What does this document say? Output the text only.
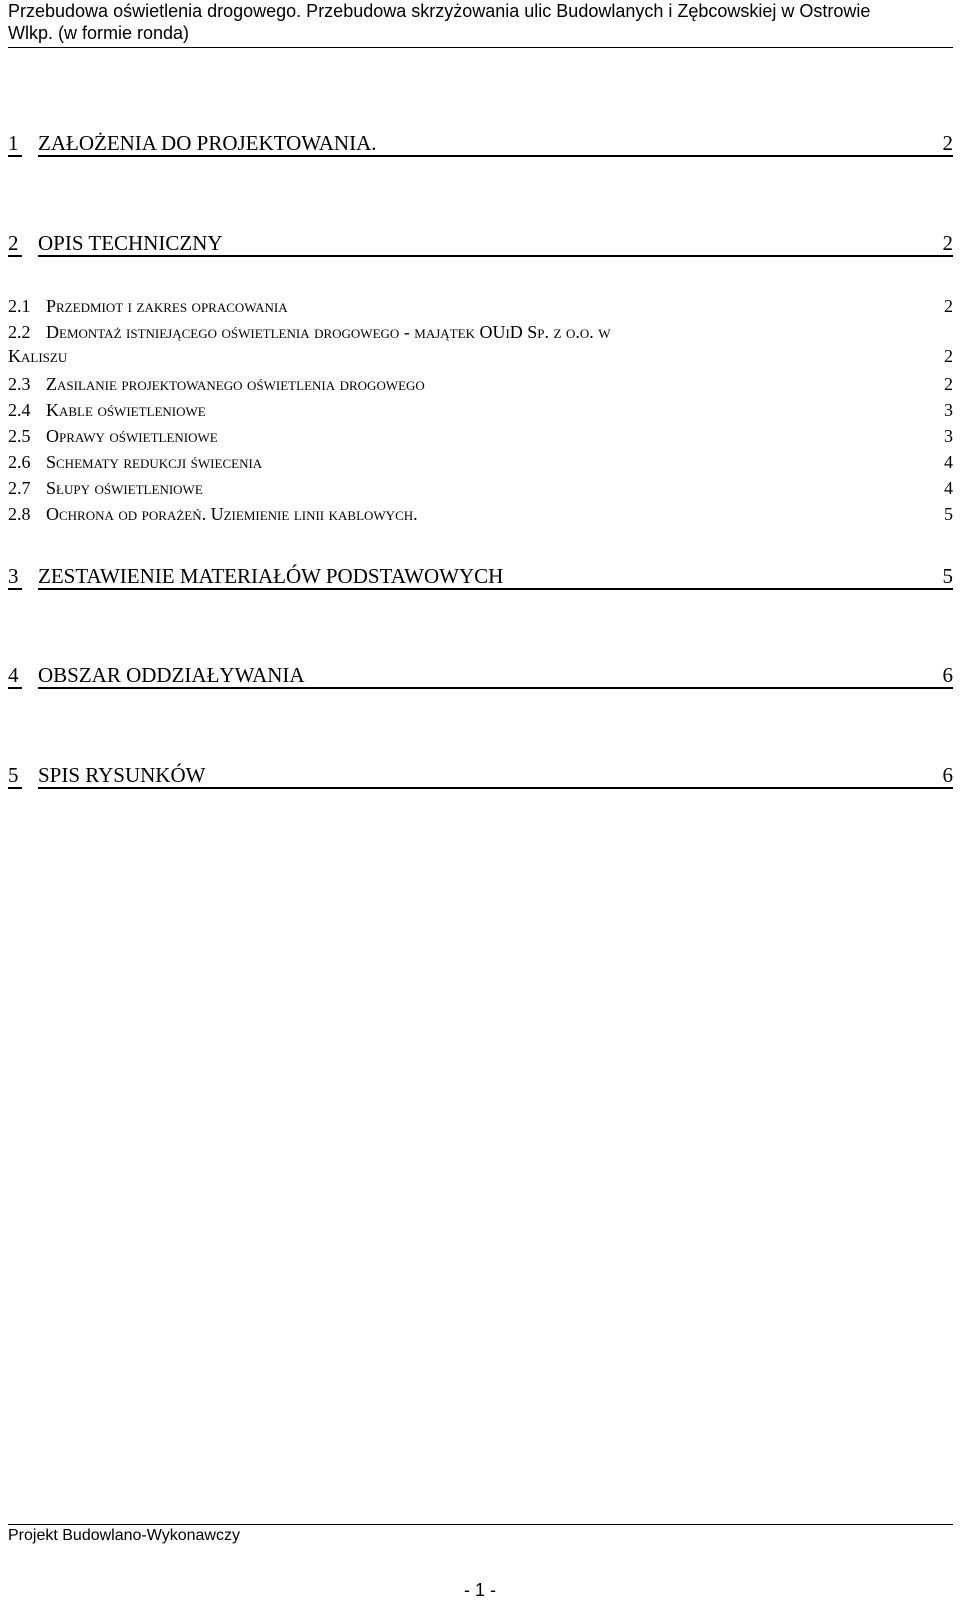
Przebudowa oświetlenia drogowego. Przebudowa skrzyżowania ulic Budowlanych i Zębcowskiej w Ostrowie
Wlkp. (w formie ronda)
1 ZAŁOŻENIA DO PROJEKTOWANIA.	2
2 OPIS TECHNICZNY	2
2.1 Przedmiot i zakres opracowania	2
2.2 Demontaż istniejącego oświetlenia drogowego - majątek OUiD Sp. z o.o. w
Kaliszu	2
2.3 Zasilanie projektowanego oświetlenia drogowego	2
2.4 Kable oświetleniowe	3
2.5 Oprawy oświetleniowe	3
2.6 Schematy redukcji świecenia	4
2.7 Słupy oświetleniowe	4
2.8 Ochrona od porażeń. Uziemienie linii kablowych.	5
3 ZESTAWIENIE MATERIAŁÓW PODSTAWOWYCH	5
4 OBSZAR ODDZIAŁYWANIA	6
5 SPIS RYSUNKÓW	6
Projekt Budowlano-Wykonawczy
- 1 -
